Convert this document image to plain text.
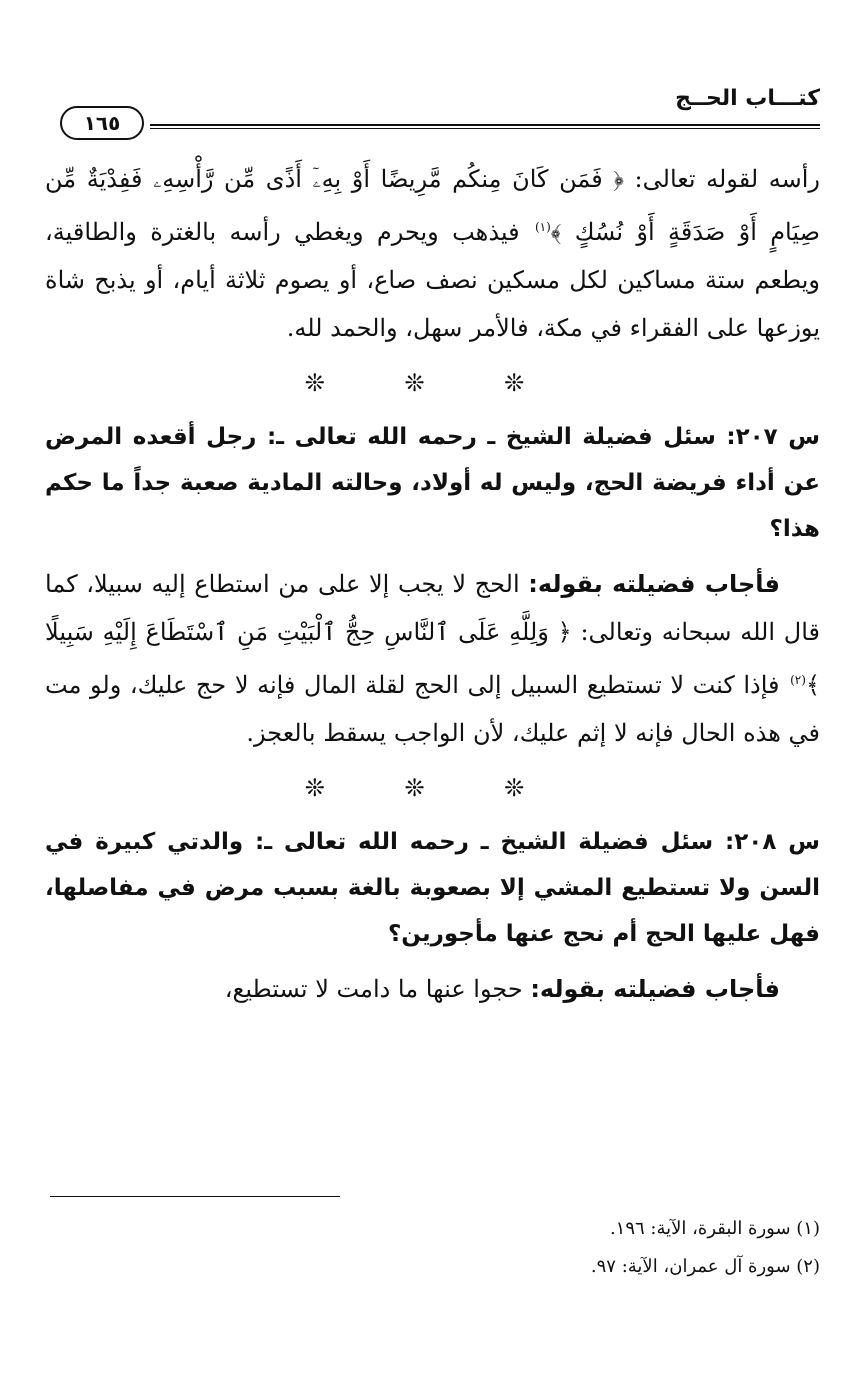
كتـــاب الحــج
١٦٥

رأسه لقوله تعالى: ﴿ فَمَن كَانَ مِنكُم مَّرِيضًا أَوْ بِهِۦٓ أَذًى مِّن رَّأْسِهِۦ فَفِدْيَةٌ مِّن صِيَامٍ أَوْ صَدَقَةٍ أَوْ نُسُكٍ ﴾$^{(١)}$ فيذهب ويحرم ويغطي رأسه بالغترة والطاقية، ويطعم ستة مساكين لكل مسكين نصف صاع، أو يصوم ثلاثة أيام، أو يذبح شاة يوزعها على الفقراء في مكة، فالأمر سهل، والحمد لله.

❊ ❊ ❊

س ٢٠٧: سئل فضيلة الشيخ ـ رحمه الله تعالى ـ: رجل أقعده المرض عن أداء فريضة الحج، وليس له أولاد، وحالته المادية صعبة جداً ما حكم هذا؟

فأجاب فضيلته بقوله: الحج لا يجب إلا على من استطاع إليه سبيلا، كما قال الله سبحانه وتعالى: ﴿ وَلِلَّهِ عَلَى ٱلنَّاسِ حِجُّ ٱلْبَيْتِ مَنِ ٱسْتَطَاعَ إِلَيْهِ سَبِيلًا ﴾$^{(٢)}$ فإذا كنت لا تستطيع السبيل إلى الحج لقلة المال فإنه لا حج عليك، ولو مت في هذه الحال فإنه لا إثم عليك، لأن الواجب يسقط بالعجز.

❊ ❊ ❊

س ٢٠٨: سئل فضيلة الشيخ ـ رحمه الله تعالى ـ: والدتي كبيرة في السن ولا تستطيع المشي إلا بصعوبة بالغة بسبب مرض في مفاصلها، فهل عليها الحج أم نحج عنها مأجورين؟

فأجاب فضيلته بقوله: حجوا عنها ما دامت لا تستطيع،

(١) سورة البقرة، الآية: ١٩٦.

(٢) سورة آل عمران، الآية: ٩٧.
